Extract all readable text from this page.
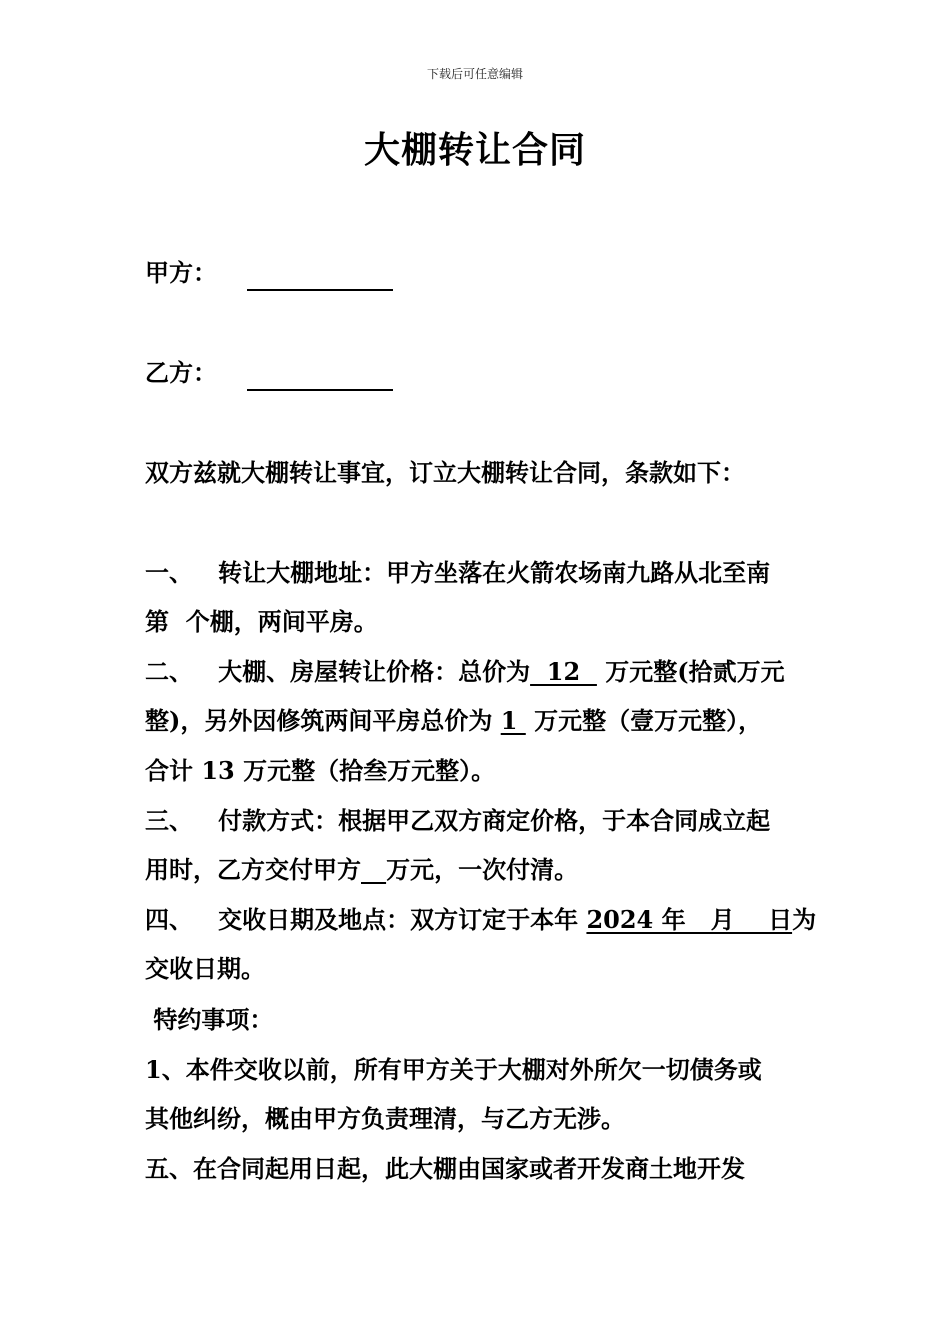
下载后可任意编辑
大棚转让合同
甲方：
乙方：
双方兹就大棚转让事宜，订立大棚转让合同，条款如下：
一、 转让大棚地址：甲方坐落在火箭农场南九路从北至南
第  个棚，两间平房。
二、 大棚、房屋转让价格：总价为  12   万元整(拾贰万元
整)，另外因修筑两间平房总价为 1  万元整（壹万元整），
合计 13 万元整（拾叁万元整）。
三、 付款方式：根据甲乙双方商定价格，于本合同成立起
用时，乙方交付甲方 万元，一次付清。
四、 交收日期及地点：双方订定于本年 2024 年   月    日为
交收日期。
特约事项：
1、本件交收以前，所有甲方关于大棚对外所欠一切债务或
其他纠纷，概由甲方负责理清，与乙方无涉。
五、在合同起用日起，此大棚由国家或者开发商土地开发
